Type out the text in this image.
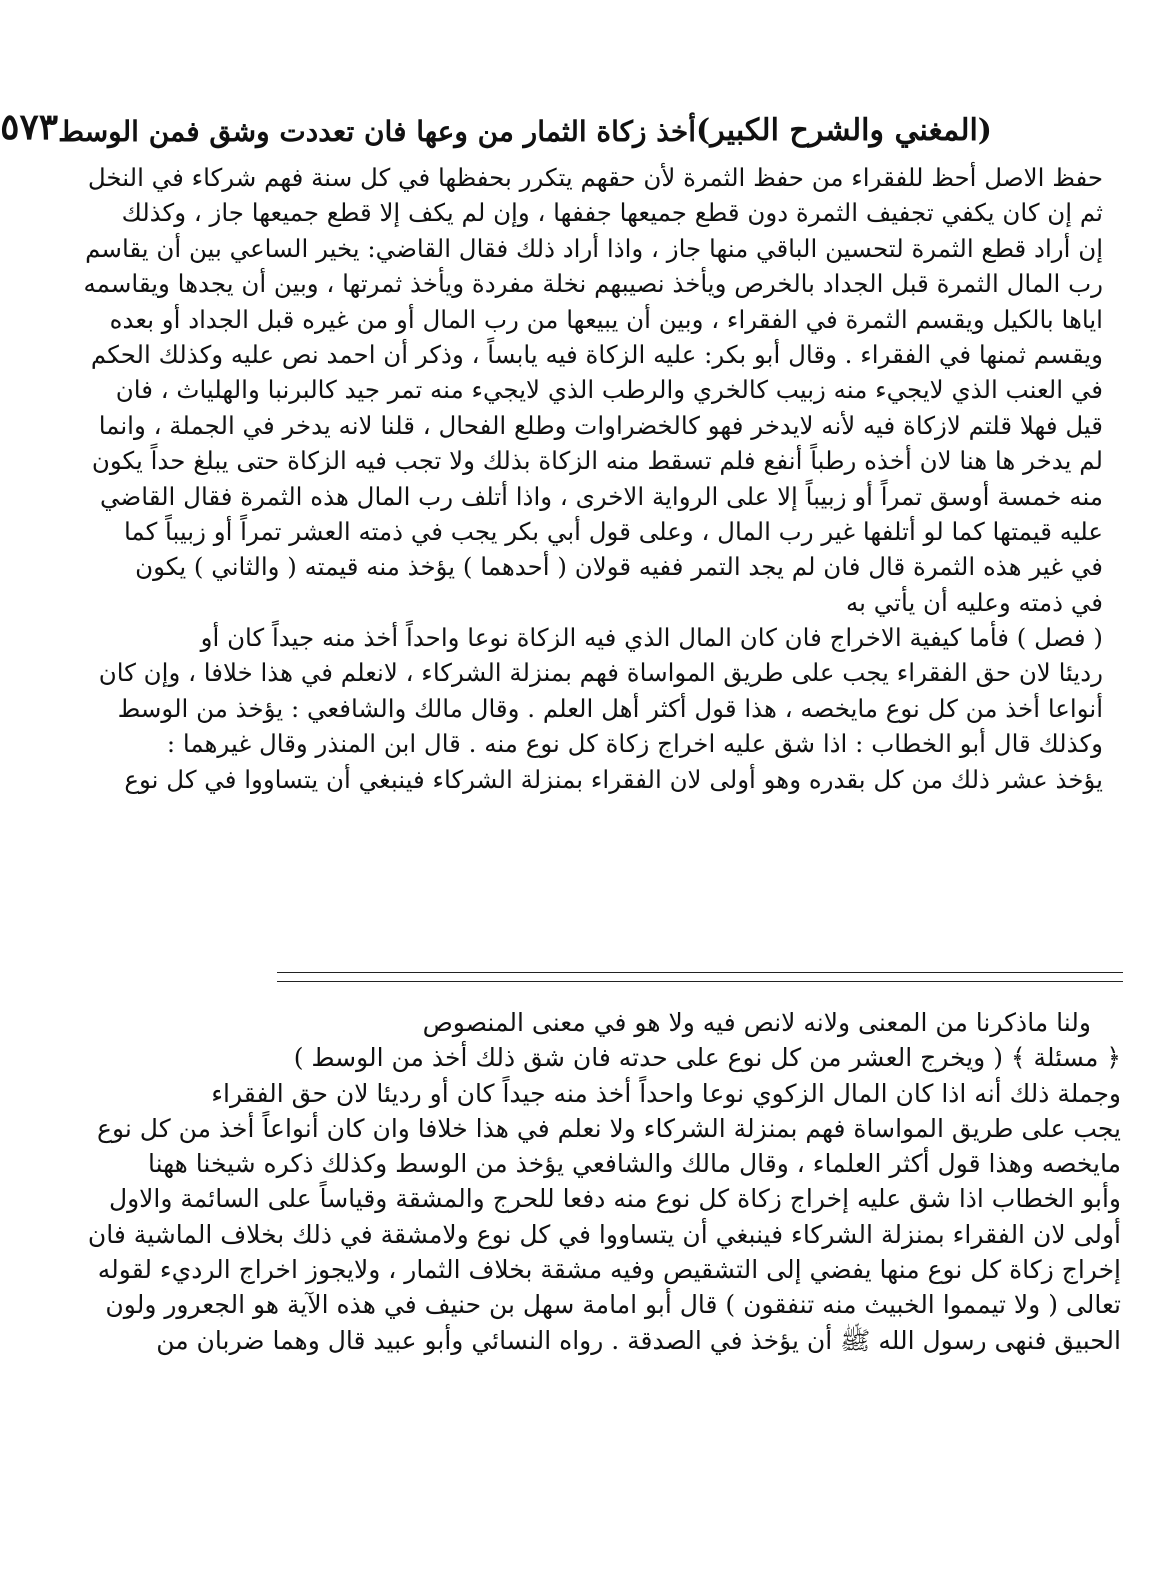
(المغني والشرح الكبير)
أخذ زكاة الثمار من وعها فان تعددت وشق فمن الوسط
٥٧٣
حفظ الاصل أحظ للفقراء من حفظ الثمرة لأن حقهم يتكرر بحفظها في كل سنة فهم شركاء في النخل
ثم إن كان يكفي تجفيف الثمرة دون قطع جميعها جففها ، وإن لم يكف إلا قطع جميعها جاز ، وكذلك
إن أراد قطع الثمرة لتحسين الباقي منها جاز ، واذا أراد ذلك فقال القاضي: يخير الساعي بين أن يقاسم
رب المال الثمرة قبل الجداد بالخرص ويأخذ نصيبهم نخلة مفردة ويأخذ ثمرتها ، وبين أن يجدها ويقاسمه
اياها بالكيل ويقسم الثمرة في الفقراء ، وبين أن يبيعها من رب المال أو من غيره قبل الجداد أو بعده
ويقسم ثمنها في الفقراء . وقال أبو بكر: عليه الزكاة فيه يابساً ، وذكر أن احمد نص عليه وكذلك الحكم
في العنب الذي لايجيء منه زبيب كالخري والرطب الذي لايجيء منه تمر جيد كالبرنبا والهلياث ، فان
قيل فهلا قلتم لازكاة فيه لأنه لايدخر فهو كالخضراوات وطلع الفحال ، قلنا لانه يدخر في الجملة ، وانما
لم يدخر ها هنا لان أخذه رطباً أنفع فلم تسقط منه الزكاة بذلك ولا تجب فيه الزكاة حتى يبلغ حداً يكون
منه خمسة أوسق تمراً أو زبيباً إلا على الرواية الاخرى ، واذا أتلف رب المال هذه الثمرة فقال القاضي
عليه قيمتها كما لو أتلفها غير رب المال ، وعلى قول أبي بكر يجب في ذمته العشر تمراً أو زبيباً كما
في غير هذه الثمرة قال فان لم يجد التمر ففيه قولان ( أحدهما ) يؤخذ منه قيمته ( والثاني ) يكون
في ذمته وعليه أن يأتي به
( فصل ) فأما كيفية الاخراج فان كان المال الذي فيه الزكاة نوعا واحداً أخذ منه جيداً كان أو
رديئا لان حق الفقراء يجب على طريق المواساة فهم بمنزلة الشركاء ، لانعلم في هذا خلافا ، وإن كان
أنواعا أخذ من كل نوع مايخصه ، هذا قول أكثر أهل العلم . وقال مالك والشافعي : يؤخذ من الوسط
وكذلك قال أبو الخطاب : اذا شق عليه اخراج زكاة كل نوع منه . قال ابن المنذر وقال غيرهما :
يؤخذ عشر ذلك من كل بقدره وهو أولى لان الفقراء بمنزلة الشركاء فينبغي أن يتساووا في كل نوع
ولنا ماذكرنا من المعنى ولانه لانص فيه ولا هو في معنى المنصوص
﴿ مسئلة ﴾ ( ويخرج العشر من كل نوع على حدته فان شق ذلك أخذ من الوسط )
وجملة ذلك أنه اذا كان المال الزكوي نوعا واحداً أخذ منه جيداً كان أو رديئا لان حق الفقراء
يجب على طريق المواساة فهم بمنزلة الشركاء ولا نعلم في هذا خلافا وان كان أنواعاً أخذ من كل نوع
مايخصه وهذا قول أكثر العلماء ، وقال مالك والشافعي يؤخذ من الوسط وكذلك ذكره شيخنا ههنا
وأبو الخطاب اذا شق عليه إخراج زكاة كل نوع منه دفعا للحرج والمشقة وقياساً على السائمة والاول
أولى لان الفقراء بمنزلة الشركاء فينبغي أن يتساووا في كل نوع ولامشقة في ذلك بخلاف الماشية فان
إخراج زكاة كل نوع منها يفضي إلى التشقيص وفيه مشقة بخلاف الثمار ، ولايجوز اخراج الرديء لقوله
تعالى ( ولا تيمموا الخبيث منه تنفقون ) قال أبو امامة سهل بن حنيف في هذه الآية هو الجعرور ولون
الحبيق فنهى رسول الله ﷺ أن يؤخذ في الصدقة . رواه النسائي وأبو عبيد قال وهما ضربان من
